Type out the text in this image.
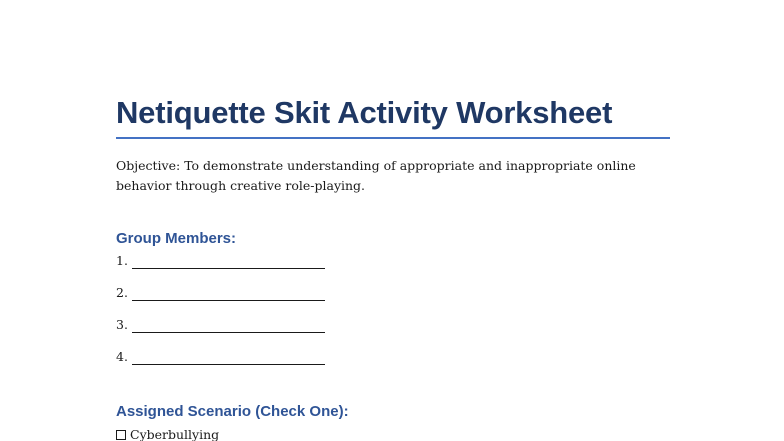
Netiquette Skit Activity Worksheet
Objective: To demonstrate understanding of appropriate and inappropriate online behavior through creative role-playing.
Group Members:
1.
2.
3.
4.
Assigned Scenario (Check One):
Cyberbullying
